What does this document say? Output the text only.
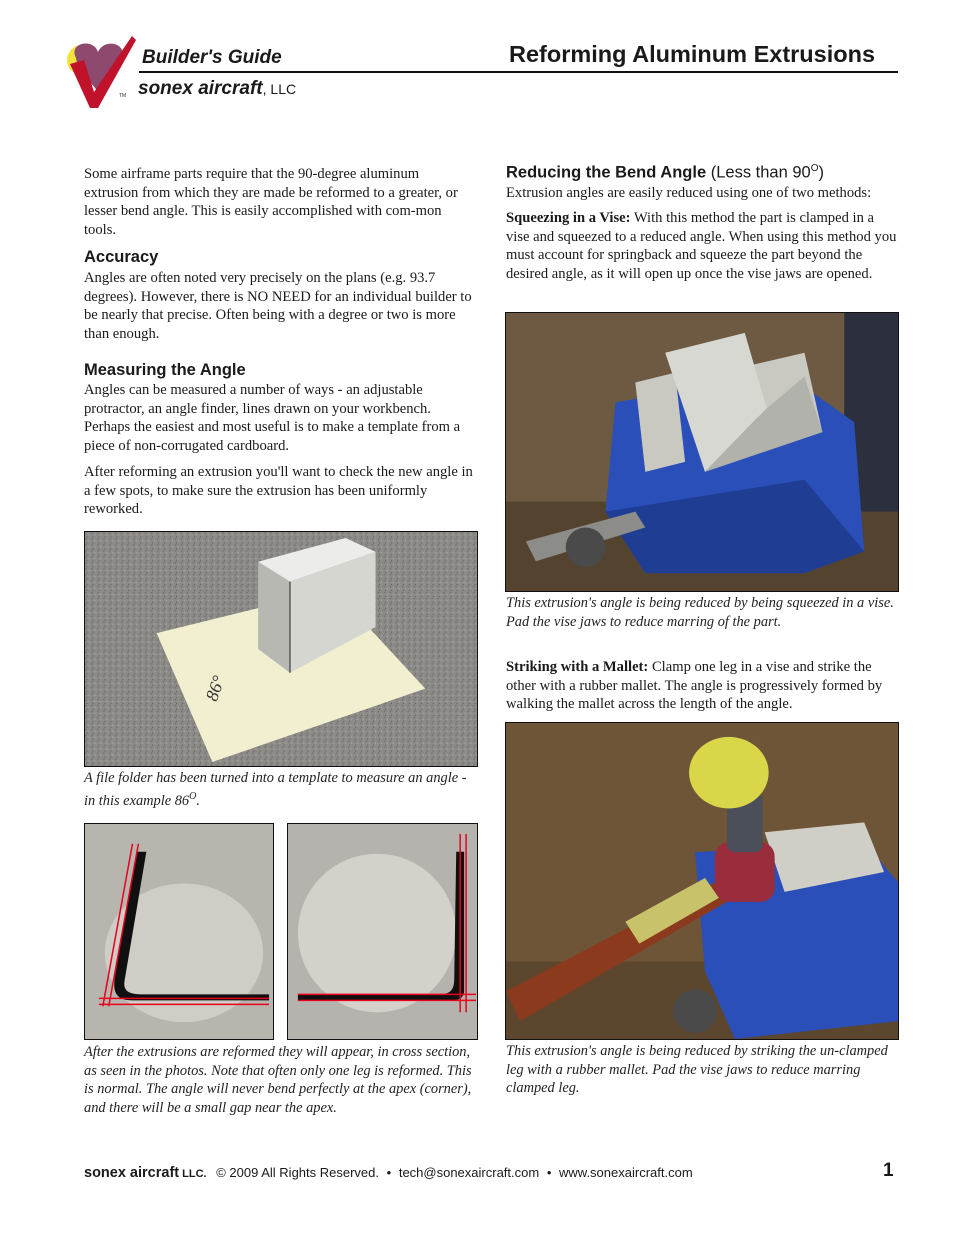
TM
Builder's Guide
sonex aircraft, LLC
Reforming Aluminum Extrusions

Some airframe parts require that the 90-degree aluminum extrusion from which they are made be reformed to a greater, or lesser bend angle. This is easily accomplished with com-mon tools.

Accuracy

Angles are often noted very precisely on the plans (e.g. 93.7 degrees). However, there is NO NEED for an individual builder to be nearly that precise. Often being with a degree or two is more than enough.

Measuring the Angle

Angles can be measured a number of ways - an adjustable protractor, an angle finder, lines drawn on your workbench. Perhaps the easiest and most useful is to make a template from a piece of non-corrugated cardboard.

After reforming an extrusion you'll want to check the new angle in a few spots, to make sure the extrusion has been uniformly reworked.

86°

A file folder has been turned into a template to measure an angle - in this example $86^O$.

After the extrusions are reformed they will appear, in cross section, as seen in the photos. Note that often only one leg is reformed. This is normal. The angle will never bend perfectly at the apex (corner), and there will be a small gap near the apex.

Reducing the Bend Angle (Less than $90^O$)

Extrusion angles are easily reduced using one of two methods:

Squeezing in a Vise: With this method the part is clamped in a vise and squeezed to a reduced angle. When using this method you must account for springback and squeeze the part beyond the desired angle, as it will open up once the vise jaws are opened.

This extrusion's angle is being reduced by being squeezed in a vise. Pad the vise jaws to reduce marring of the part.

Striking with a Mallet: Clamp one leg in a vise and strike the other with a rubber mallet. The angle is progressively formed by walking the mallet across the length of the angle.

This extrusion's angle is being reduced by striking the un-clamped leg with a rubber mallet. Pad the vise jaws to reduce marring clamped leg.

sonex aircraft LLC. © 2009 All Rights Reserved. • tech@sonexaircraft.com • www.sonexaircraft.com	1
